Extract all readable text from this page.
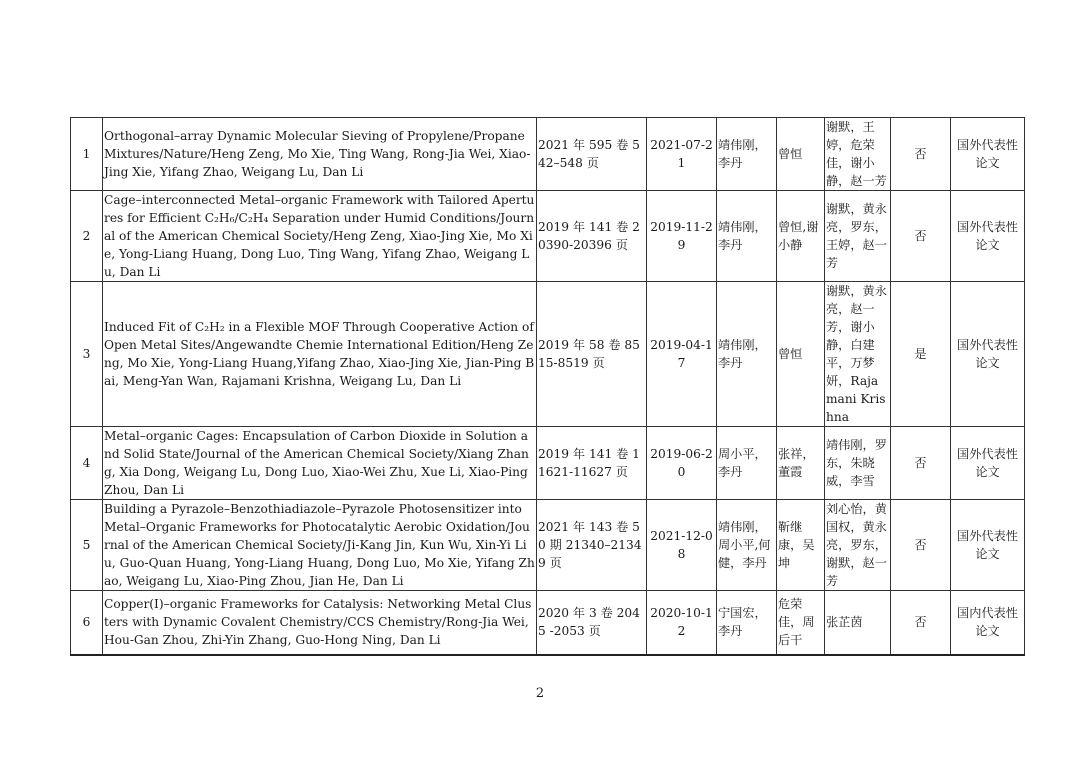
1	Orthogonal–array Dynamic Molecular Sieving of Propylene/Propane Mixtures/Nature/Heng Zeng, Mo Xie, Ting Wang, Rong-Jia Wei, Xiao-Jing Xie, Yifang Zhao, Weigang Lu, Dan Li	2021 年 595 卷 542–548 页	2021-07-21	靖伟刚，李丹	曾恒	谢默，王婷，危荣佳，谢小静，赵一芳	否	国外代表性论文
2	Cage–interconnected Metal–organic Framework with Tailored Apertures for Efficient C₂H₆/C₂H₄ Separation under Humid Conditions/Journal of the American Chemical Society/Heng Zeng, Xiao-Jing Xie, Mo Xie, Yong-Liang Huang, Dong Luo, Ting Wang, Yifang Zhao, Weigang Lu, Dan Li	2019 年 141 卷 20390-20396 页	2019-11-29	靖伟刚，李丹	曾恒,谢小静	谢默，黄永亮，罗东，王婷，赵一芳	否	国外代表性论文
3	Induced Fit of C₂H₂ in a Flexible MOF Through Cooperative Action of Open Metal Sites/Angewandte Chemie International Edition/Heng Zeng, Mo Xie, Yong-Liang Huang,Yifang Zhao, Xiao-Jing Xie, Jian-Ping Bai, Meng-Yan Wan, Rajamani Krishna, Weigang Lu, Dan Li	2019 年 58 卷 8515-8519 页	2019-04-17	靖伟刚，李丹	曾恒	谢默，黄永亮，赵一芳，谢小静，白建平，万梦妍，Rajamani Krishna	是	国外代表性论文
4	Metal–organic Cages: Encapsulation of Carbon Dioxide in Solution and Solid State/Journal of the American Chemical Society/Xiang Zhang, Xia Dong, Weigang Lu, Dong Luo, Xiao-Wei Zhu, Xue Li, Xiao-Ping Zhou, Dan Li	2019 年 141 卷 11621-11627 页	2019-06-20	周小平，李丹	张祥，董霞	靖伟刚，罗东，朱晓威，李雪	否	国外代表性论文
5	Building a Pyrazole–Benzothiadiazole–Pyrazole Photosensitizer into Metal–Organic Frameworks for Photocatalytic Aerobic Oxidation/Journal of the American Chemical Society/Ji-Kang Jin, Kun Wu, Xin-Yi Liu, Guo-Quan Huang, Yong-Liang Huang, Dong Luo, Mo Xie, Yifang Zhao, Weigang Lu, Xiao-Ping Zhou, Jian He, Dan Li	2021 年 143 卷 50 期 21340–21349 页	2021-12-08	靖伟刚，周小平,何健，李丹	靳继康，吴坤	刘心怡，黄国权，黄永亮，罗东，谢默，赵一芳	否	国外代表性论文
6	Copper(I)–organic Frameworks for Catalysis: Networking Metal Clusters with Dynamic Covalent Chemistry/CCS Chemistry/Rong-Jia Wei, Hou-Gan Zhou, Zhi-Yin Zhang, Guo-Hong Ning, Dan Li	2020 年 3 卷 2045 -2053 页	2020-10-12	宁国宏，李丹	危荣佳，周后干	张芷茵	否	国内代表性论文
2
